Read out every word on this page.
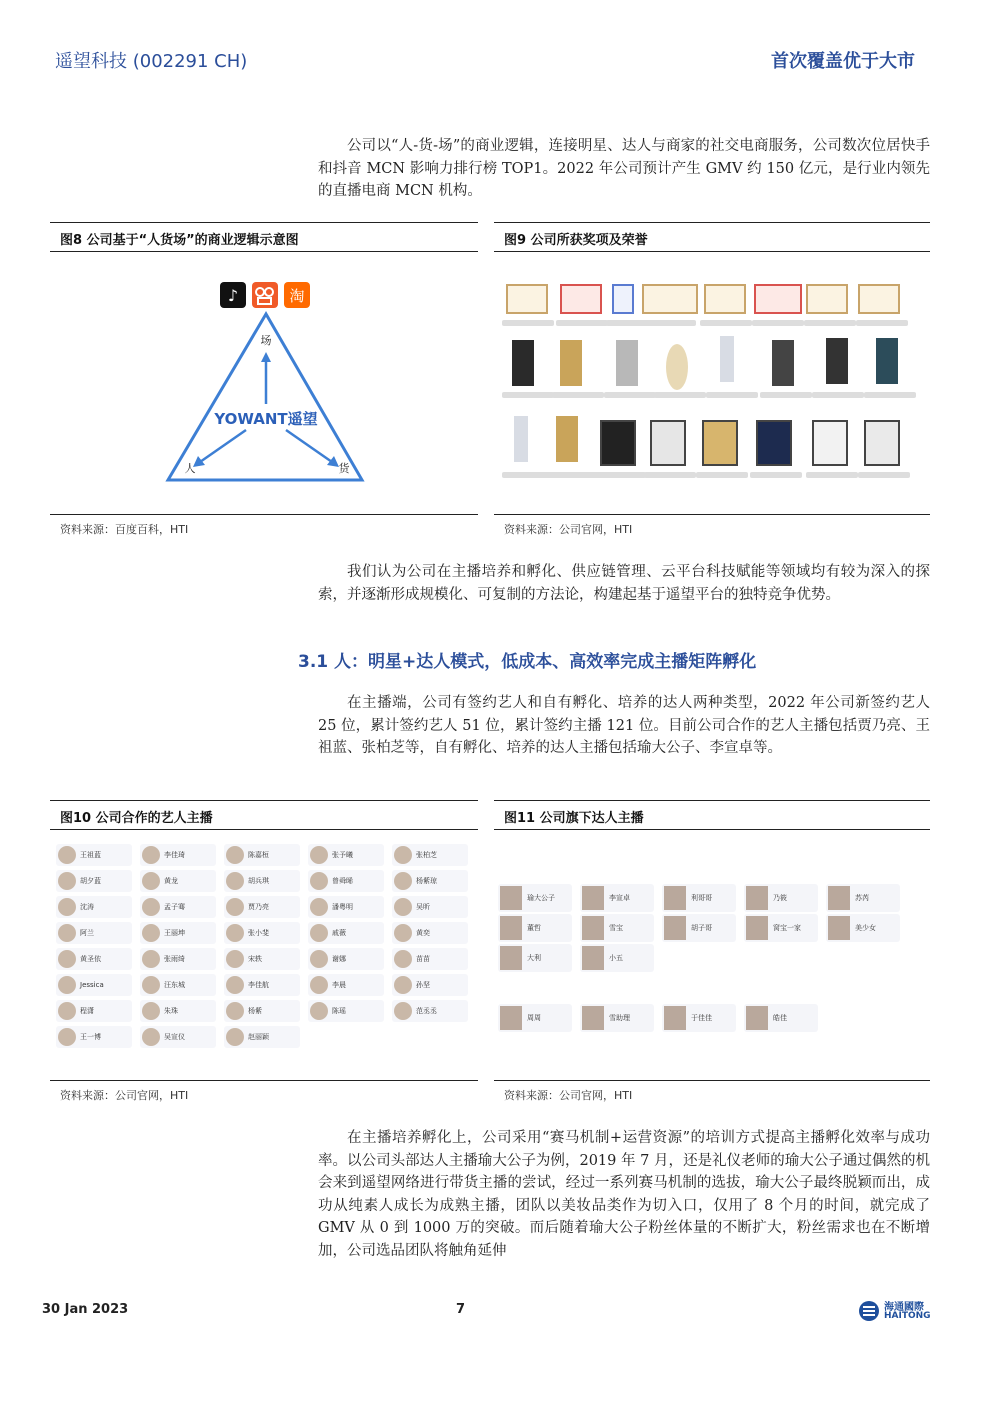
遥望科技 (002291 CH)	首次覆盖优于大市

公司以“人-货-场”的商业逻辑，连接明星、达人与商家的社交电商服务，公司数次位居快手和抖音 MCN 影响力排行榜 TOP1。2022 年公司预计产生 GMV 约 150 亿元，是行业内领先的直播电商 MCN 机构。

图8 公司基于“人货场”的商业逻辑示意图
♪	淘
YOWANT遥望
场
人	货
资料来源：百度百科，HTI
图9 公司所获奖项及荣誉
资料来源：公司官网，HTI

我们认为公司在主播培养和孵化、供应链管理、云平台科技赋能等领域均有较为深入的探索，并逐渐形成规模化、可复制的方法论，构建起基于遥望平台的独特竞争优势。

3.1 人：明星+达人模式，低成本、高效率完成主播矩阵孵化

在主播端，公司有签约艺人和自有孵化、培养的达人两种类型，2022 年公司新签约艺人 25 位，累计签约艺人 51 位，累计签约主播 121 位。目前公司合作的艺人主播包括贾乃亮、王祖蓝、张柏芝等，自有孵化、培养的达人主播包括瑜大公子、李宣卓等。

图10 公司合作的艺人主播
王祖蓝	李佳琦	陈嘉桓	张予曦	张柏芝
胡夕蓝	黄龙	胡兵琪	曾舜晞	杨紫琼
沈涛	孟子骞	贾乃亮	潘粤明	吴昕
阿兰	王丽坤	张小斐	戚薇	黄奕
黄圣依	张雨绮	宋轶	谢娜	苗苗
Jessica	汪东城	李佳航	李晨	孙坚
程潇	朱珠	杨紫	陈瑶	范丞丞
王一博	吴宣仪	赵丽颖
资料来源：公司官网，HTI
图11 公司旗下达人主播
瑜大公子	李宣卓	利哥哥	乃筱	苏芮
董哲	雪宝	胡子哥	窝宝一家	美少女
大利	小五
周周	雪助理	于佳佳	皓佳
资料来源：公司官网，HTI

在主播培养孵化上，公司采用“赛马机制+运营资源”的培训方式提高主播孵化效率与成功率。以公司头部达人主播瑜大公子为例，2019 年 7 月，还是礼仪老师的瑜大公子通过偶然的机会来到遥望网络进行带货主播的尝试，经过一系列赛马机制的选拔，瑜大公子最终脱颖而出，成功从纯素人成长为成熟主播，团队以美妆品类作为切入口，仅用了 8 个月的时间，就完成了 GMV 从 0 到 1000 万的突破。而后随着瑜大公子粉丝体量的不断扩大，粉丝需求也在不断增加，公司选品团队将触角延伸

30 Jan 2023	7	海通國際
HAITONG
